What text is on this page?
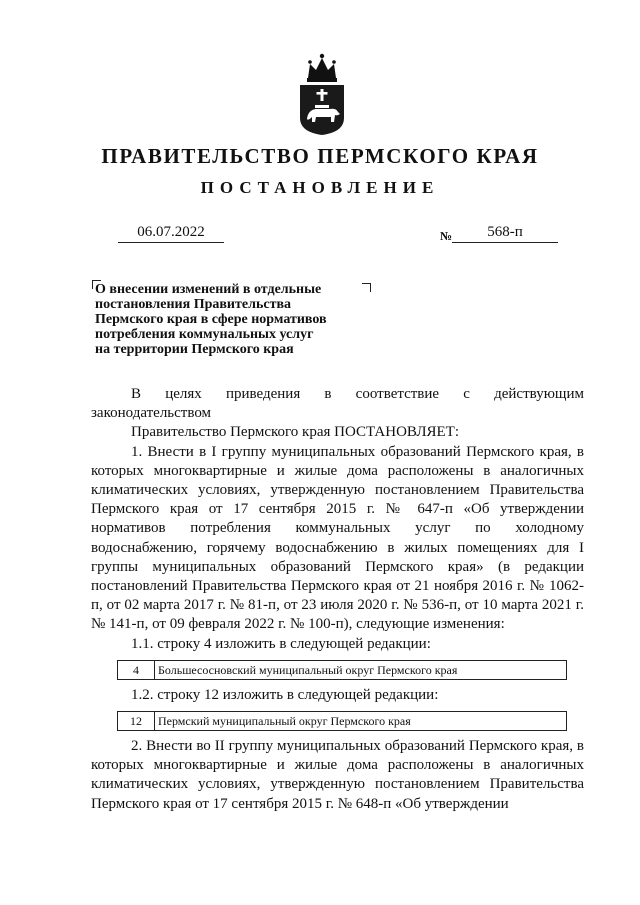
ПРАВИТЕЛЬСТВО ПЕРМСКОГО КРАЯ
ПОСТАНОВЛЕНИЕ
06.07.2022	$_№$ 568-п

О внесении изменений в отдельные
постановления Правительства
Пермского края в сфере нормативов
потребления коммунальных услуг
на территории Пермского края

В целях приведения в соответствие с действующим законодательством

Правительство Пермского края ПОСТАНОВЛЯЕТ:

1. Внести в I группу муниципальных образований Пермского края, в которых многоквартирные и жилые дома расположены в аналогичных климатических условиях, утвержденную постановлением Правительства Пермского края от 17 сентября 2015 г. № 647-п «Об утверждении нормативов потребления коммунальных услуг по холодному водоснабжению, горячему водоснабжению в жилых помещениях для I группы муниципальных образований Пермского края» (в редакции постановлений Правительства Пермского края от 21 ноября 2016 г. № 1062-п, от 02 марта 2017 г. № 81-п, от 23 июля 2020 г. № 536-п, от 10 марта 2021 г. № 141-п, от 09 февраля 2022 г. № 100-п), следующие изменения:

1.1. строку 4 изложить в следующей редакции:

4	Большесосновский муниципальный округ Пермского края

1.2. строку 12 изложить в следующей редакции:

12	Пермский муниципальный округ Пермского края

2. Внести во II группу муниципальных образований Пермского края, в которых многоквартирные и жилые дома расположены в аналогичных климатических условиях, утвержденную постановлением Правительства Пермского края от 17 сентября 2015 г. № 648-п «Об утверждении
